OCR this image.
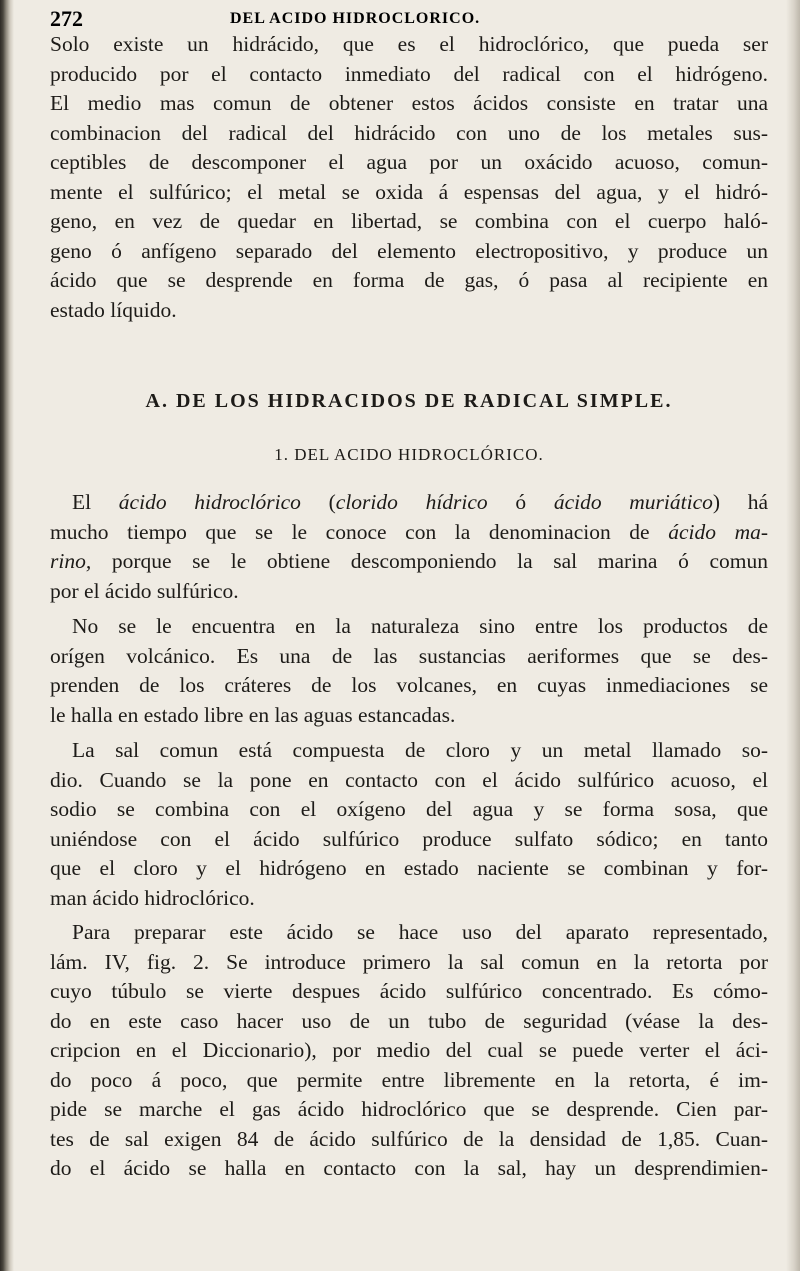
272	DEL ACIDO HIDROCLORICO.
Solo existe un hidrácido, que es el hidroclórico, que pueda ser
producido por el contacto inmediato del radical con el hidrógeno.
El medio mas comun de obtener estos ácidos consiste en tratar una
combinacion del radical del hidrácido con uno de los metales sus-
ceptibles de descomponer el agua por un oxácido acuoso, comun-
mente el sulfúrico; el metal se oxida á espensas del agua, y el hidró-
geno, en vez de quedar en libertad, se combina con el cuerpo haló-
geno ó anfígeno separado del elemento electropositivo, y produce un
ácido que se desprende en forma de gas, ó pasa al recipiente en
estado líquido.
A. DE LOS HIDRACIDOS DE RADICAL SIMPLE.
1. DEL ACIDO HIDROCLÓRICO.
El ácido hidroclórico (clorido hídrico ó ácido muriático) há
mucho tiempo que se le conoce con la denominacion de ácido ma-
rino, porque se le obtiene descomponiendo la sal marina ó comun
por el ácido sulfúrico.
No se le encuentra en la naturaleza sino entre los productos de
orígen volcánico. Es una de las sustancias aeriformes que se des-
prenden de los cráteres de los volcanes, en cuyas inmediaciones se
le halla en estado libre en las aguas estancadas.
La sal comun está compuesta de cloro y un metal llamado so-
dio. Cuando se la pone en contacto con el ácido sulfúrico acuoso, el
sodio se combina con el oxígeno del agua y se forma sosa, que
uniéndose con el ácido sulfúrico produce sulfato sódico; en tanto
que el cloro y el hidrógeno en estado naciente se combinan y for-
man ácido hidroclórico.
Para preparar este ácido se hace uso del aparato representado,
lám. IV, fig. 2. Se introduce primero la sal comun en la retorta por
cuyo túbulo se vierte despues ácido sulfúrico concentrado. Es cómo-
do en este caso hacer uso de un tubo de seguridad (véase la des-
cripcion en el Diccionario), por medio del cual se puede verter el áci-
do poco á poco, que permite entre libremente en la retorta, é im-
pide se marche el gas ácido hidroclórico que se desprende. Cien par-
tes de sal exigen 84 de ácido sulfúrico de la densidad de 1,85. Cuan-
do el ácido se halla en contacto con la sal, hay un desprendimien-
